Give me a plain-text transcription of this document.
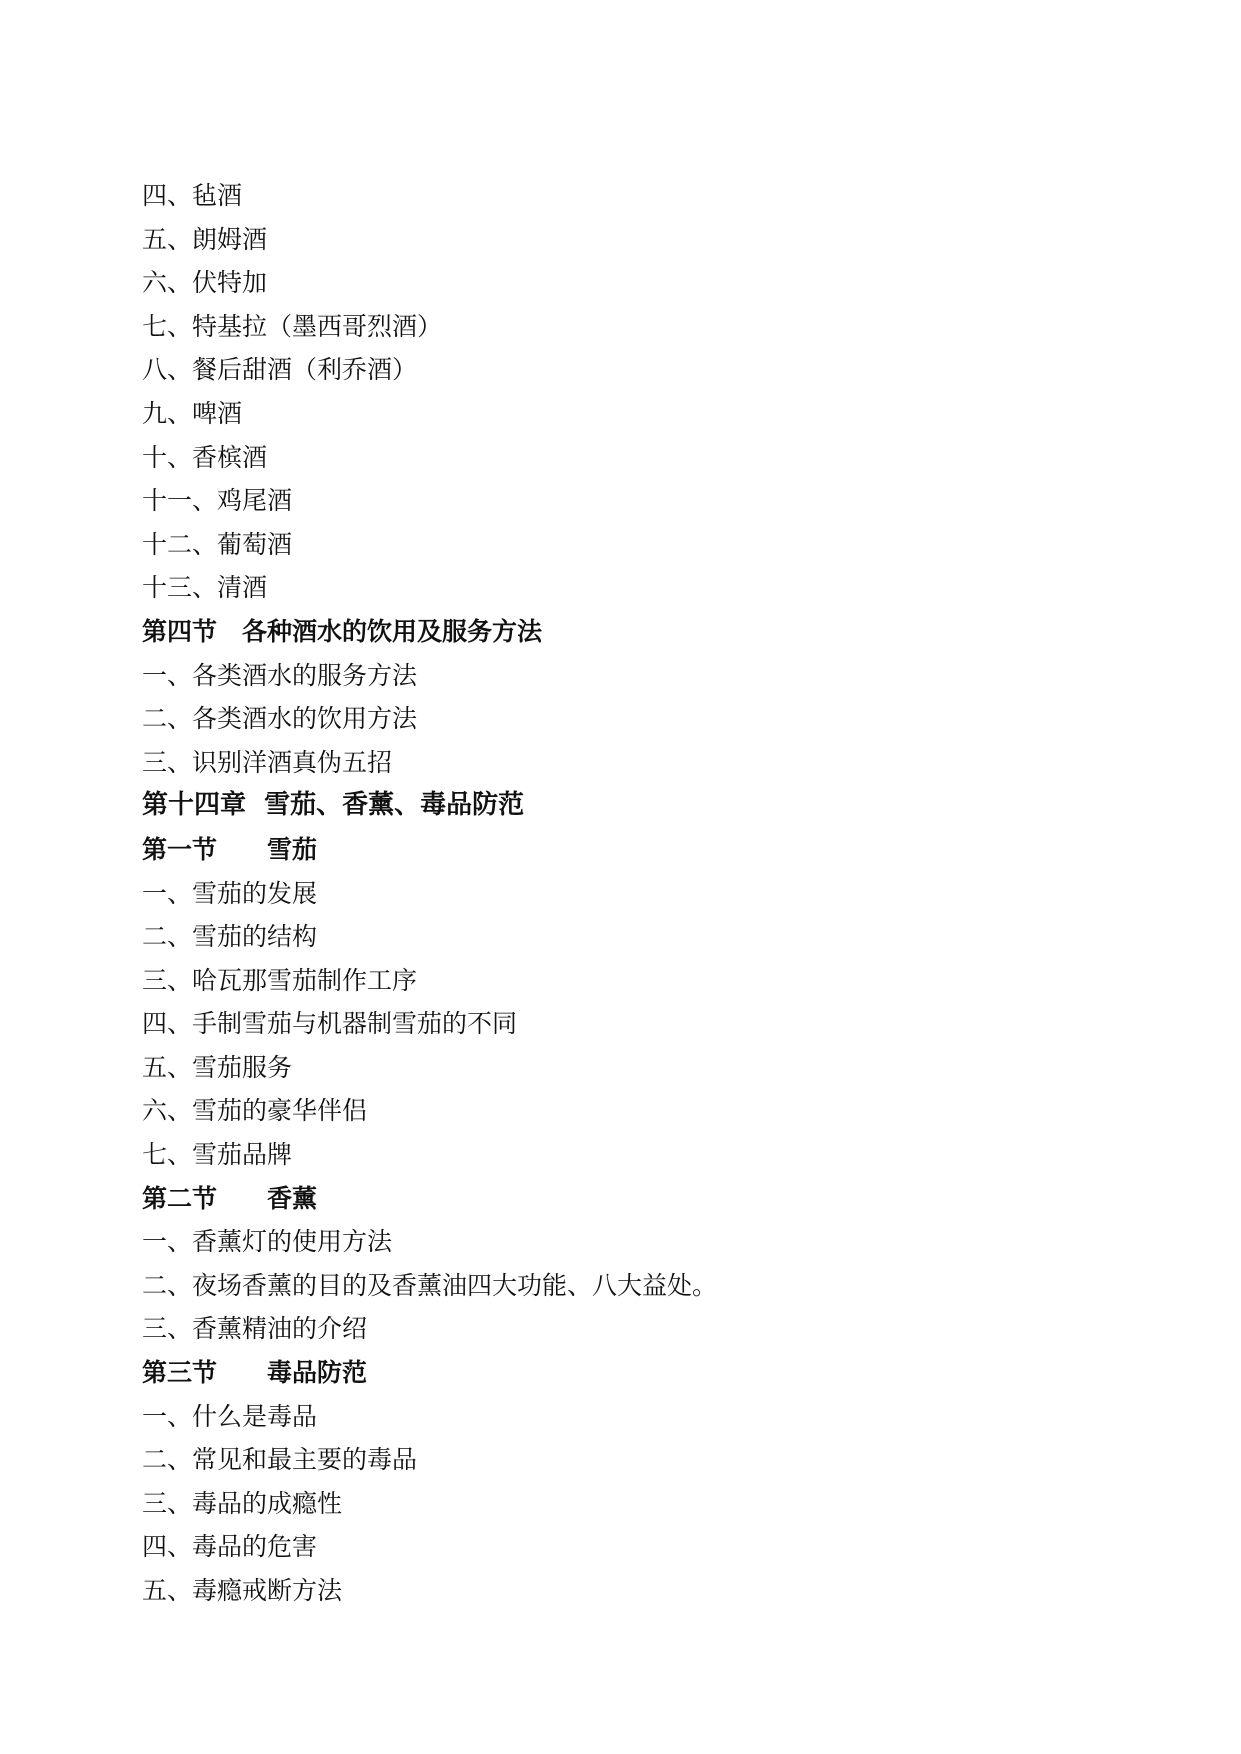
四、毡酒
五、朗姆酒
六、伏特加
七、特基拉（墨西哥烈酒）
八、餐后甜酒（利乔酒）
九、啤酒
十、香槟酒
十一、鸡尾酒
十二、葡萄酒
十三、清酒
第四节　各种酒水的饮用及服务方法
一、各类酒水的服务方法
二、各类酒水的饮用方法
三、识别洋酒真伪五招
第十四章  雪茄、香薰、毒品防范
第一节　　雪茄
一、雪茄的发展
二、雪茄的结构
三、哈瓦那雪茄制作工序
四、手制雪茄与机器制雪茄的不同
五、雪茄服务
六、雪茄的豪华伴侣
七、雪茄品牌
第二节　　香薰
一、香薰灯的使用方法
二、夜场香薰的目的及香薰油四大功能、八大益处。
三、香薰精油的介绍
第三节　　毒品防范
一、什么是毒品
二、常见和最主要的毒品
三、毒品的成瘾性
四、毒品的危害
五、毒瘾戒断方法
